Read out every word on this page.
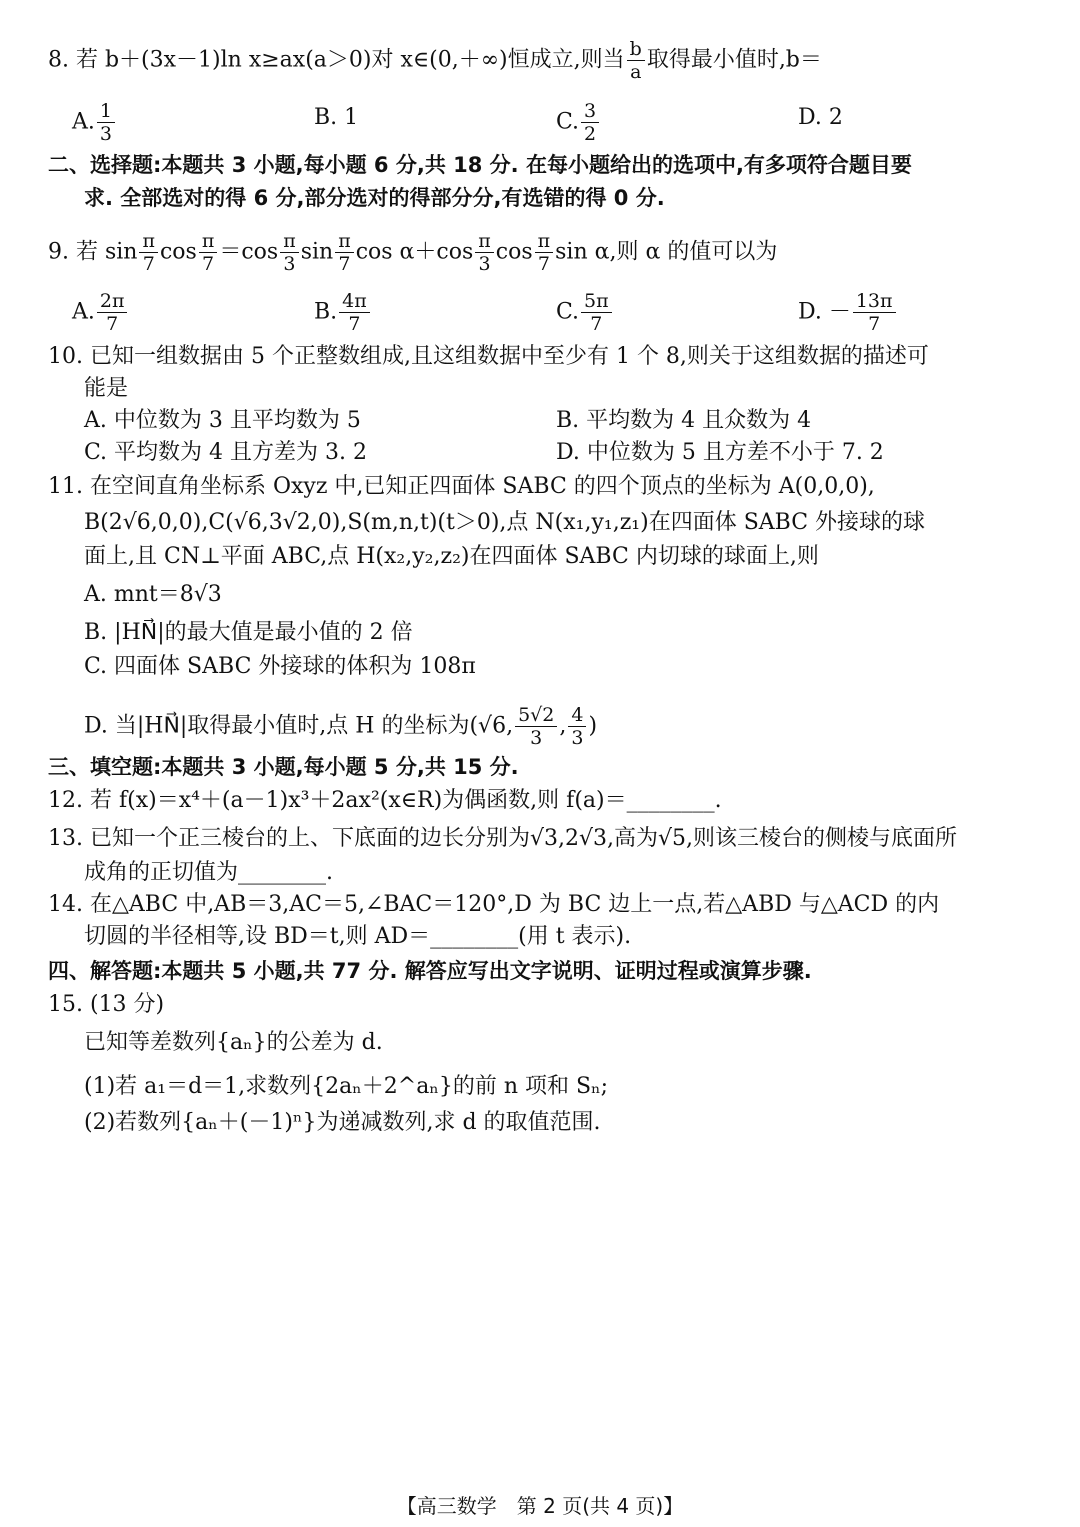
8. 若 b＋(3x－1)ln x≥ax(a＞0)对 x∈(0,＋∞)恒成立,则当 $\frac{b}{a}$ 取得最小值时,b＝
A. $\frac{1}{3}$	B. 1	C. $\frac{3}{2}$	D. 2
二、选择题:本题共 3 小题,每小题 6 分,共 18 分. 在每小题给出的选项中,有多项符合题目要
求. 全部选对的得 6 分,部分选对的得部分分,有选错的得 0 分.
9. 若 $\sin \frac{\pi}{7}$ $\cos \frac{\pi}{7} =\cos \frac{\pi}{3}$ $\sin \frac{\pi}{7}$ $\cos \alpha+\cos \frac{\pi}{3}$ $\cos \frac{\pi}{7}$ sin α,则 α 的值可以为
A. $\frac{2\pi}{7}$	B. $\frac{4\pi}{7}$	C. $\frac{5\pi}{7}$	D. － $\frac{13\pi}{7}$
10. 已知一组数据由 5 个正整数组成,且这组数据中至少有 1 个 8,则关于这组数据的描述可
能是
A. 中位数为 3 且平均数为 5	B. 平均数为 4 且众数为 4
C. 平均数为 4 且方差为 3. 2	D. 中位数为 5 且方差不小于 7. 2
11. 在空间直角坐标系 Oxyz 中,已知正四面体 SABC 的四个顶点的坐标为 A(0,0,0),
B(2√6,0,0),C(√6,3√2,0),S(m,n,t)(t＞0),点 N(x₁,y₁,z₁)在四面体 SABC 外接球的球
面上,且 CN⊥平面 ABC,点 H(x₂,y₂,z₂)在四面体 SABC 内切球的球面上,则
A. mnt＝8√3
B. |HN⃗|的最大值是最小值的 2 倍
C. 四面体 SABC 外接球的体积为 108π
D. 当|HN⃗|取得最小值时,点 H 的坐标为(√6, $\frac{5√2}{3}$ , $\frac{4}{3}$ )
三、填空题:本题共 3 小题,每小题 5 分,共 15 分.
12. 若 f(x)＝x⁴＋(a－1)x³＋2ax²(x∈R)为偶函数,则 f(a)＝________.
13. 已知一个正三棱台的上、下底面的边长分别为√3,2√3,高为√5,则该三棱台的侧棱与底面所
成角的正切值为________.
14. 在△ABC 中,AB＝3,AC＝5,∠BAC＝120°,D 为 BC 边上一点,若△ABD 与△ACD 的内
切圆的半径相等,设 BD＝t,则 AD＝________(用 t 表示).
四、解答题:本题共 5 小题,共 77 分. 解答应写出文字说明、证明过程或演算步骤.
15. (13 分)
已知等差数列{aₙ}的公差为 d.
(1)若 a₁＝d＝1,求数列{2aₙ＋2^aₙ}的前 n 项和 Sₙ;
(2)若数列{aₙ＋(－1)ⁿ}为递减数列,求 d 的取值范围.
【高三数学　第 2 页(共 4 页)】
